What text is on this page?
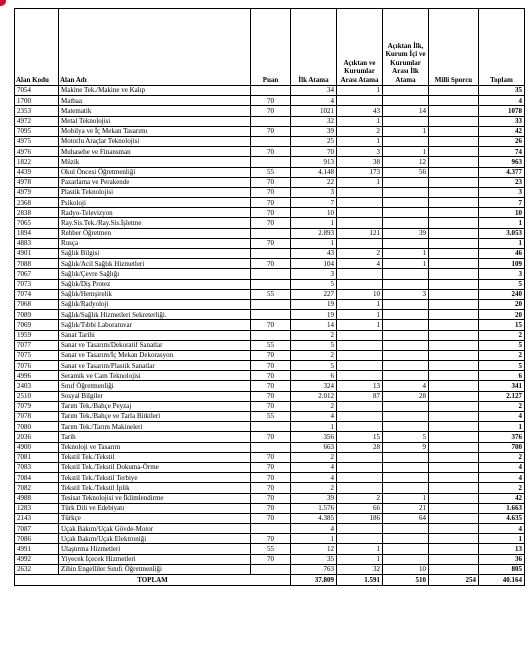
Alan Kodu	Alan Adı	Puan	İlk Atama	Açıktan ve Kurumlar Arası Atama	Açıktan İlk, Kurum İçi ve Kurumlar Arası İlk Atama	Milli Sporcu	Toplam
7054	Makine Tek./Makine ve Kalıp		34	1			35
1700	Matbaa	70	4				4
2353	Matematik	70	1021	43	14		1078
4972	Metal Teknolojisi		32	1			33
7095	Mobilya ve İç Mekan Tasarımı	70	39	2	1		42
4975	Motorlu Araçlar Teknolojisi		25	1			26
4976	Muhasebe ve Finansman	70	70	3	1		74
1822	Müzik		913	38	12		963
4439	Okul Öncesi Öğretmenliği	55	4.148	173	56		4.377
4978	Pazarlama ve Perakende	70	22	1			23
4979	Plastik Teknolojisi	70	3				3
2368	Psikoloji	70	7				7
2838	Radyo-Televizyon	70	10				10
7065	Ray.Sis.Tek./Ray.Sis.İşletme	70	1				1
1894	Rehber Öğretmen		2.893	121	39		3.053
4883	Rusça	70	1				1
4901	Sağlık Bilgisi		43	2	1		46
7088	Sağlık/Acil Sağlık Hizmetleri	70	104	4	1		109
7067	Sağlık/Çevre Sağlığı		3				3
7073	Sağlık/Diş Protez		5				5
7074	Sağlık/Hemşirelik	55	227	10	3		240
7068	Sağlık/Radyoloji		19	1			20
7089	Sağlık/Sağlık Hizmetleri Sekreterliği.		19	1			20
7069	Sağlık/Tıbbi Laboratuvar	70	14	1			15
1959	Sanat Tarihi		2				2
7077	Sanat ve Tasarım/Dekoratif Sanatlar	55	5				5
7075	Sanat ve Tasarım/İç Mekan Dekorasyon	70	2				2
7076	Sanat ve Tasarım/Plastik Sanatlar	70	5				5
4996	Seramik ve Cam Teknolojisi	70	6				6
2403	Sınıf Öğretmenliği	70	324	13	4		341
2510	Sosyal Bilgiler	70	2.012	87	28		2.127
7079	Tarım Tek./Bahçe Peyzaj	70	2				2
7078	Tarım Tek./Bahçe ve Tarla Bitkileri	55	4				4
7080	Tarım Tek./Tarım Makineleri		1				1
2036	Tarih	70	356	15	5		376
4900	Teknoloji ve Tasarım		663	28	9		700
7081	Tekstil Tek./Tekstil	70	2				2
7083	Tekstil Tek./Tekstil Dokuma-Örme	70	4				4
7084	Tekstil Tek./Tekstil Terbiye	70	4				4
7082	Tekstil Tek./Tekstil İplik	70	2				2
4988	Tesisat Teknolojisi ve İklimlendirme	70	39	2	1		42
1283	Türk Dili ve Edebiyatı	70	1.576	66	21		1.663
2143	Türkçe	70	4.385	186	64		4.635
7087	Uçak Bakım/Uçak Gövde-Motor		4				4
7086	Uçak Bakım/Uçak Elektroniği	70	1				1
4991	Ulaştırma Hizmetleri	55	12	1			13
4992	Yiyecek İçecek Hizmetleri	70	35	1			36
2632	Zihin Engelliler Sınıfı Öğretmenliği		763	32	10		805
TOPLAM			37.809	1.591	510	254	40.164
